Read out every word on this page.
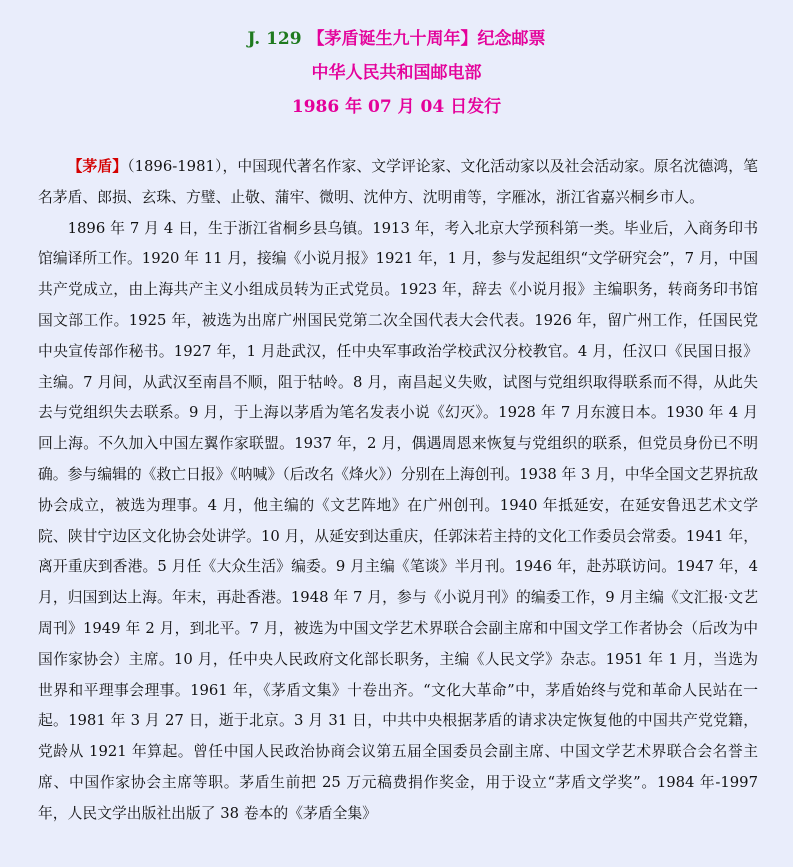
J. 129 【茅盾诞生九十周年】纪念邮票
中华人民共和国邮电部
1986 年 07 月 04 日发行

【茅盾】（1896-1981），中国现代著名作家、文学评论家、文化活动家以及社会活动家。原名沈德鸿，笔名茅盾、郎损、玄珠、方璧、止敬、蒲牢、微明、沈仲方、沈明甫等，字雁冰，浙江省嘉兴桐乡市人。

1896 年 7 月 4 日，生于浙江省桐乡县乌镇。1913 年，考入北京大学预科第一类。毕业后，入商务印书馆编译所工作。1920 年 11 月，接编《小说月报》1921 年，1 月，参与发起组织“文学研究会”，7 月，中国共产党成立，由上海共产主义小组成员转为正式党员。1923 年，辞去《小说月报》主编职务，转商务印书馆国文部工作。1925 年，被选为出席广州国民党第二次全国代表大会代表。1926 年，留广州工作，任国民党中央宣传部作秘书。1927 年，1 月赴武汉，任中央军事政治学校武汉分校教官。4 月，任汉口《民国日报》主编。7 月间，从武汉至南昌不顺，阻于牯岭。8 月，南昌起义失败，试图与党组织取得联系而不得，从此失去与党组织失去联系。9 月，于上海以茅盾为笔名发表小说《幻灭》。1928 年 7 月东渡日本。1930 年 4 月回上海。不久加入中国左翼作家联盟。1937 年，2 月，偶遇周恩来恢复与党组织的联系，但党员身份已不明确。参与编辑的《救亡日报》《呐喊》（后改名《烽火》）分别在上海创刊。1938 年 3 月，中华全国文艺界抗敌协会成立，被选为理事。4 月，他主编的《文艺阵地》在广州创刊。1940 年抵延安，在延安鲁迅艺术文学院、陕甘宁边区文化协会处讲学。10 月，从延安到达重庆，任郭沫若主持的文化工作委员会常委。1941 年，离开重庆到香港。5 月任《大众生活》编委。9 月主编《笔谈》半月刊。1946 年，赴苏联访问。1947 年，4 月，归国到达上海。年末，再赴香港。1948 年 7 月，参与《小说月刊》的编委工作，9 月主编《文汇报·文艺周刊》1949 年 2 月，到北平。7 月，被选为中国文学艺术界联合会副主席和中国文学工作者协会（后改为中国作家协会）主席。10 月，任中央人民政府文化部长职务，主编《人民文学》杂志。1951 年 1 月，当选为世界和平理事会理事。1961 年，《茅盾文集》十卷出齐。“文化大革命”中，茅盾始终与党和革命人民站在一起。1981 年 3 月 27 日，逝于北京。3 月 31 日，中共中央根据茅盾的请求决定恢复他的中国共产党党籍，党龄从 1921 年算起。曾任中国人民政治协商会议第五届全国委员会副主席、中国文学艺术界联合会名誉主席、中国作家协会主席等职。茅盾生前把 25 万元稿费捐作奖金，用于设立“茅盾文学奖”。1984 年-1997 年，人民文学出版社出版了 38 卷本的《茅盾全集》
